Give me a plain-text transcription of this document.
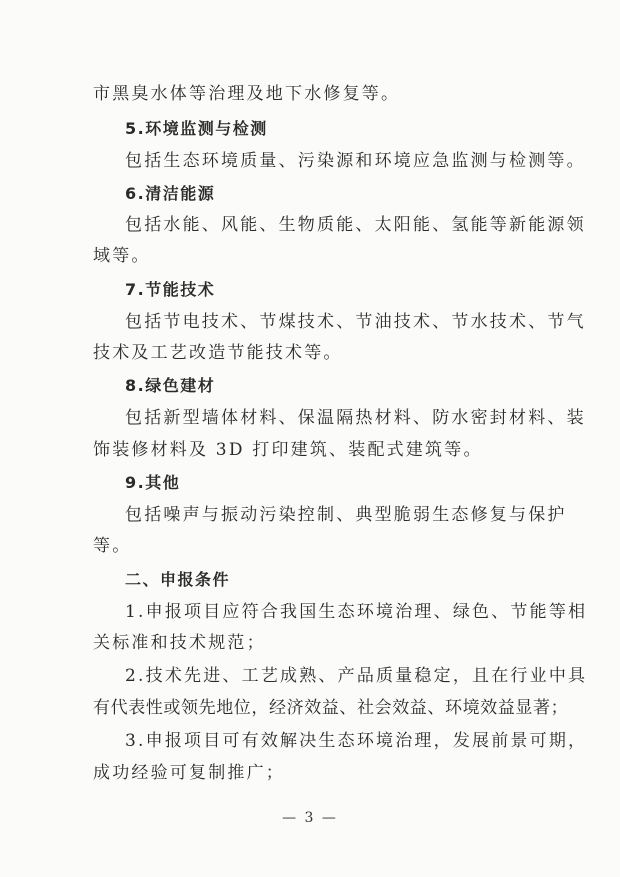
市黑臭水体等治理及地下水修复等。
5.环境监测与检测
包括生态环境质量、污染源和环境应急监测与检测等。
6.清洁能源
包括水能、风能、生物质能、太阳能、氢能等新能源领
域等。
7.节能技术
包括节电技术、节煤技术、节油技术、节水技术、节气
技术及工艺改造节能技术等。
8.绿色建材
包括新型墙体材料、保温隔热材料、防水密封材料、装
饰装修材料及 3D 打印建筑、装配式建筑等。
9.其他
包括噪声与振动污染控制、典型脆弱生态修复与保护
等。
二、申报条件
1.申报项目应符合我国生态环境治理、绿色、节能等相
关标准和技术规范；
2.技术先进、工艺成熟、产品质量稳定，且在行业中具
有代表性或领先地位，经济效益、社会效益、环境效益显著；
3.申报项目可有效解决生态环境治理，发展前景可期，
成功经验可复制推广；
— 3 —
